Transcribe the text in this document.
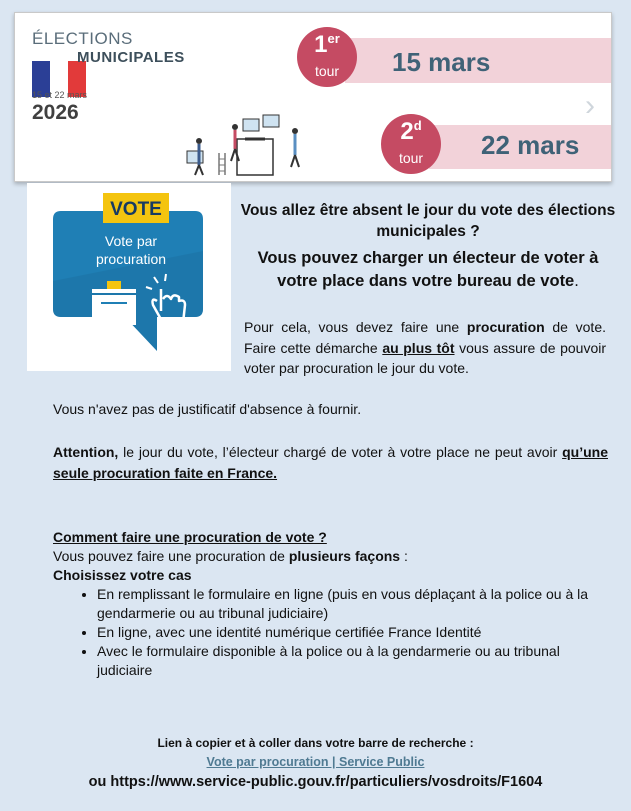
ÉLECTIONS
MUNICIPALES
15 et 22 mars
2026
1er
tour	15 mars
2$^d$
tour	22 mars
›
VOTE
Vote par
procuration
Vous allez être absent le jour du vote des élections municipales ?
Vous pouvez charger un électeur de voter à votre place dans votre bureau de vote.
Pour cela, vous devez faire une procuration de vote. Faire cette démarche au plus tôt vous assure de pouvoir voter par procuration le jour du vote.
Vous n'avez pas de justificatif d'absence à fournir.
Attention, le jour du vote, l’électeur chargé de voter à votre place ne peut avoir qu’une seule procuration faite en France.
Comment faire une procuration de vote ?
Vous pouvez faire une procuration de plusieurs façons :
Choisissez votre cas
• En remplissant le formulaire en ligne (puis en vous déplaçant à la police ou à la gendarmerie ou au tribunal judiciaire)
• En ligne, avec une identité numérique certifiée France Identité
• Avec le formulaire disponible à la police ou à la gendarmerie ou au tribunal judiciaire
Lien à copier et à coller dans votre barre de recherche :
Vote par procuration | Service Public
ou https://www.service-public.gouv.fr/particuliers/vosdroits/F1604
